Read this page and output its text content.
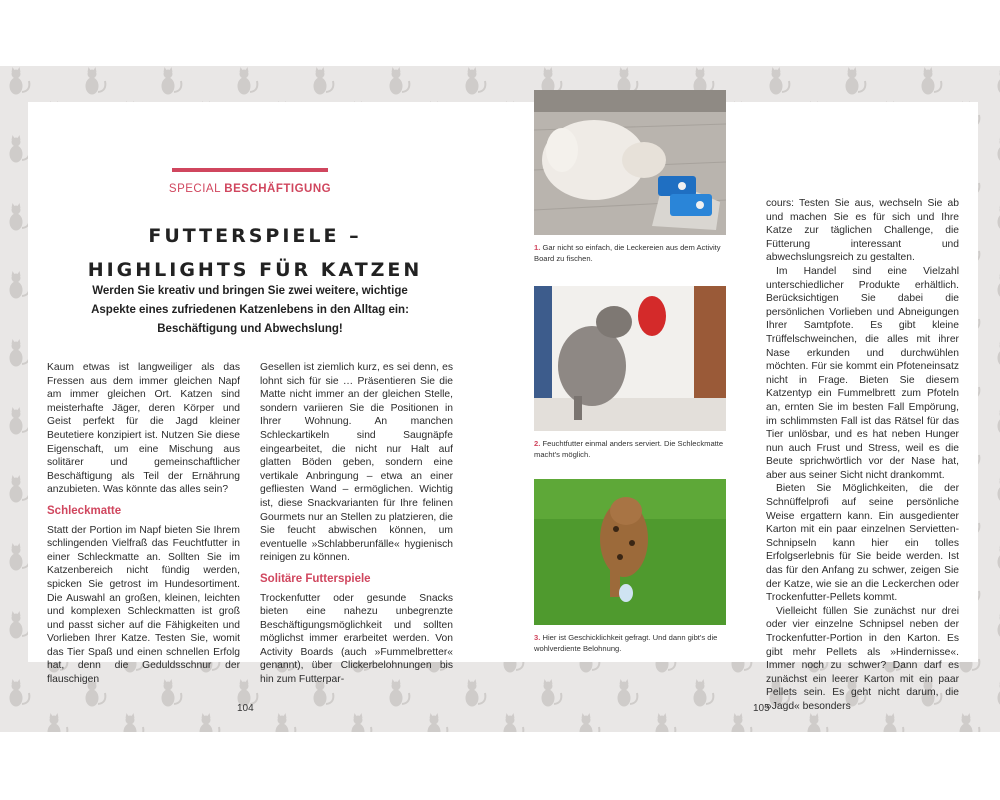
SPECIAL BESCHÄFTIGUNG
FUTTERSPIELE –
HIGHLIGHTS FÜR KATZEN
Werden Sie kreativ und bringen Sie zwei weitere, wichtige Aspekte eines zufriedenen Katzenlebens in den Alltag ein: Beschäftigung und Abwechslung!

Kaum etwas ist langweiliger als das Fressen aus dem immer gleichen Napf am immer gleichen Ort. Katzen sind meisterhafte Jäger, deren Körper und Geist perfekt für die Jagd kleiner Beutetiere konzipiert ist. Nutzen Sie diese Eigenschaft, um eine Mischung aus solitärer und gemeinschaftlicher Beschäftigung als Teil der Ernährung anzubieten. Was könnte das alles sein?

Schleckmatte

Statt der Portion im Napf bieten Sie Ihrem schlingenden Vielfraß das Feuchtfutter in einer Schleckmatte an. Sollten Sie im Katzenbereich nicht fündig werden, spicken Sie getrost im Hundesortiment. Die Auswahl an großen, kleinen, leichten und komplexen Schleckmatten ist groß und passt sicher auf die Fähigkeiten und Vorlieben Ihrer Katze. Testen Sie, womit das Tier Spaß und einen schnellen Erfolg hat, denn die Geduldsschnur der flauschigen

Gesellen ist ziemlich kurz, es sei denn, es lohnt sich für sie … Präsentieren Sie die Matte nicht immer an der gleichen Stelle, sondern variieren Sie die Positionen in Ihrer Wohnung. An manchen Schleckartikeln sind Saugnäpfe eingearbeitet, die nicht nur Halt auf glatten Böden geben, sondern eine vertikale Anbringung – etwa an einer gefliesten Wand – ermöglichen. Wichtig ist, diese Snackvarianten für Ihre felinen Gourmets nur an Stellen zu platzieren, die Sie feucht abwischen können, um eventuelle »Schlabberunfälle« hygienisch reinigen zu können.

Solitäre Futterspiele

Trockenfutter oder gesunde Snacks bieten eine nahezu unbegrenzte Beschäftigungsmöglichkeit und sollten möglichst immer erarbeitet werden. Von Activity Boards (auch »Fummelbretter« genannt), über Clickerbelohnungen bis hin zum Futterpar-

1. Gar nicht so einfach, die Leckereien aus dem Activity Board zu fischen.
2. Feuchtfutter einmal anders serviert. Die Schleckmatte macht's möglich.
3. Hier ist Geschicklichkeit gefragt. Und dann gibt's die wohlverdiente Belohnung.

cours: Testen Sie aus, wechseln Sie ab und machen Sie es für sich und Ihre Katze zur täglichen Challenge, die Fütterung interessant und abwechslungsreich zu gestalten.

Im Handel sind eine Vielzahl unterschiedlicher Produkte erhältlich. Berücksichtigen Sie dabei die persönlichen Vorlieben und Abneigungen Ihrer Samtpfote. Es gibt kleine Trüffelschweinchen, die alles mit ihrer Nase erkunden und durchwühlen möchten. Für sie kommt ein Pfoteneinsatz nicht in Frage. Bieten Sie diesem Katzentyp ein Fummelbrett zum Pfoteln an, ernten Sie im besten Fall Empörung, im schlimmsten Fall ist das Rätsel für das Tier unlösbar, und es hat neben Hunger nun auch Frust und Stress, weil es die Beute sprichwörtlich vor der Nase hat, aber aus seiner Sicht nicht drankommt.

Bieten Sie Möglichkeiten, die der Schnüffelprofi auf seine persönliche Weise ergattern kann. Ein ausgedienter Karton mit ein paar einzelnen Servietten-Schnipseln kann hier ein tolles Erfolgserlebnis für Sie beide werden. Ist das für den Anfang zu schwer, zeigen Sie der Katze, wie sie an die Leckerchen oder Trockenfutter-Pellets kommt.

Vielleicht füllen Sie zunächst nur drei oder vier einzelne Schnipsel neben der Trockenfutter-Portion in den Karton. Es gibt mehr Pellets als »Hindernisse«. Immer noch zu schwer? Dann darf es zunächst ein leerer Karton mit ein paar Pellets sein. Es geht nicht darum, die »Jagd« besonders

104	105
